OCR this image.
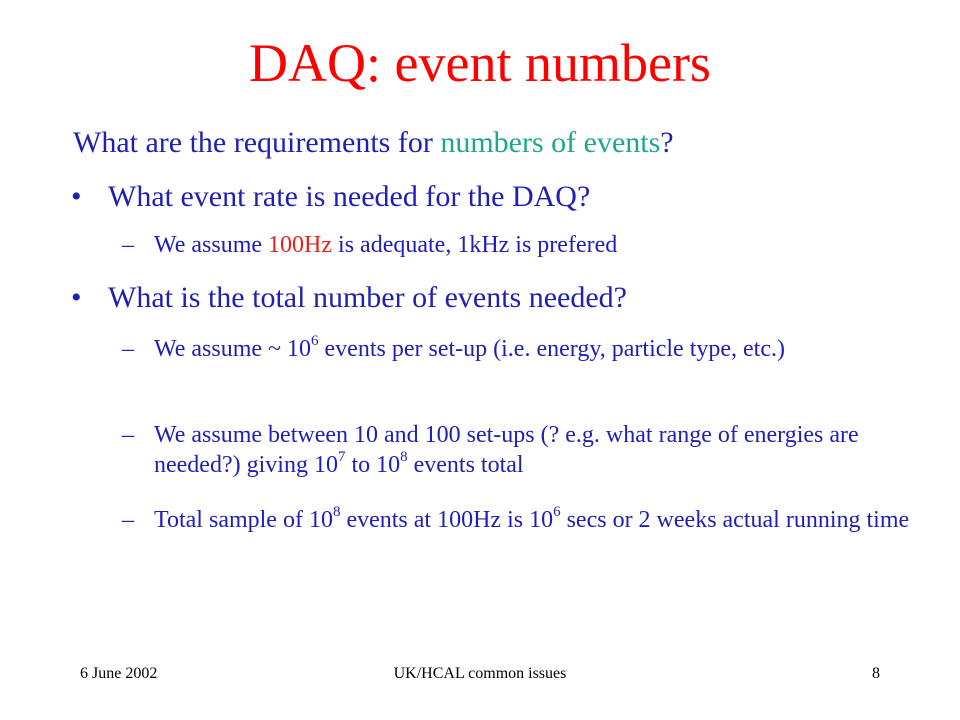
DAQ: event numbers
What are the requirements for numbers of events?
• What event rate is needed for the DAQ?
– We assume 100Hz is adequate, 1kHz is prefered
• What is the total number of events needed?
– We assume ~ $10^6$ events per set-up (i.e. energy, particle type, etc.)
– We assume between 10 and 100 set-ups (? e.g. what range of energies are needed?) giving $10^7$ to $10^8$ events total
– Total sample of $10^8$ events at 100Hz is $10^6$ secs or 2 weeks actual running time
6 June 2002	UK/HCAL common issues	8
